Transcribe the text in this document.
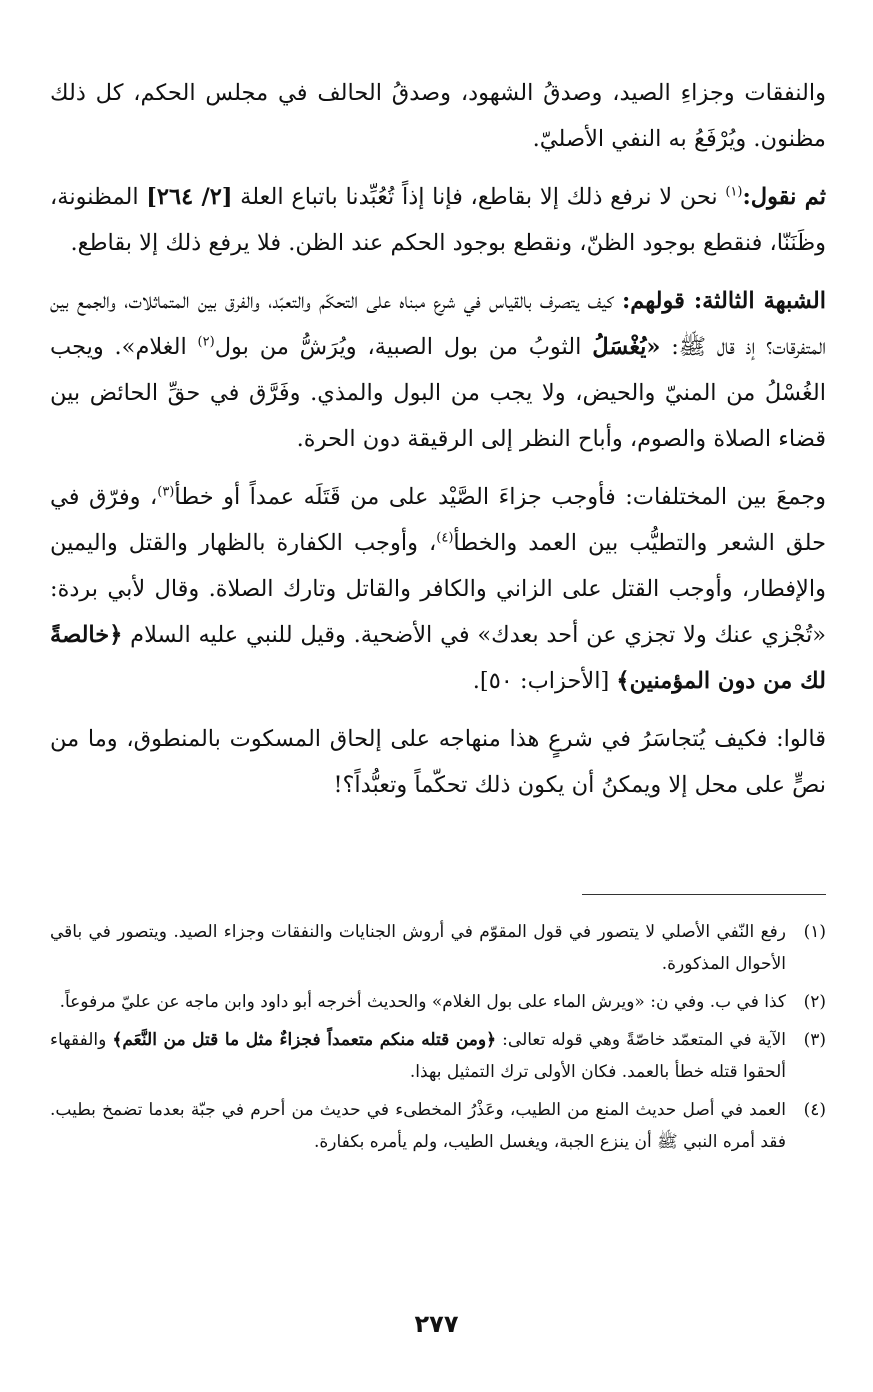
والنفقات وجزاءِ الصيد، وصدقُ الشهود، وصدقُ الحالف في مجلس الحكم، كل ذلك مظنون. ويُرْفَعُ به النفي الأصليّ.

ثم نقول:$^{(١)}$ نحن لا نرفع ذلك إلا بقاطع، فإنا إذاً تُعُبِّدنا باتباع العلة [٢/ ٢٦٤] المظنونة، وظَنَنّا، فنقطع بوجود الظنّ، ونقطع بوجود الحكم عند الظن. فلا يرفع ذلك إلا بقاطع.

الشبهة الثالثة: قولهم: كيف يتصرف بالقياس في شرع مبناه على التحكّم والتعبّد، والفرق بين المتماثلات، والجمع بين المتفرقات؟ إذ قال ﷺ: «يُغْسَلُ الثوبُ من بول الصبية، ويُرَشُّ من بول$^{(٢)}$ الغلام». ويجب الغُسْلُ من المنيّ والحيض، ولا يجب من البول والمذي. وفَرَّق في حقِّ الحائض بين قضاء الصلاة والصوم، وأباح النظر إلى الرقيقة دون الحرة.

وجمعَ بين المختلفات: فأوجب جزاءَ الصَّيْد على من قَتَلَه عمداً أو خطأ$^{(٣)}$، وفرّق في حلق الشعر والتطيُّب بين العمد والخطأ$^{(٤)}$، وأوجب الكفارة بالظهار والقتل واليمين والإفطار، وأوجب القتل على الزاني والكافر والقاتل وتارك الصلاة. وقال لأبي بردة: «تُجْزي عنك ولا تجزي عن أحد بعدك» في الأضحية. وقيل للنبي عليه السلام ﴿خالصةً لك من دون المؤمنين﴾ [الأحزاب: ٥٠].

قالوا: فكيف يُتجاسَرُ في شرعٍ هذا منهاجه على إلحاق المسكوت بالمنطوق، وما من نصٍّ على محل إلا ويمكنُ أن يكون ذلك تحكّماً وتعبُّداً؟!

(١)
رفع النّفي الأصلي لا يتصور في قول المقوّم في أروش الجنايات والنفقات وجزاء الصيد. ويتصور في باقي الأحوال المذكورة.
(٢)
كذا في ب. وفي ن: «ويرش الماء على بول الغلام» والحديث أخرجه أبو داود وابن ماجه عن عليّ مرفوعاً.
(٣)
الآية في المتعمّد خاصّةً وهي قوله تعالى: ﴿ومن قتله منكم متعمداً فجزاءٌ مثل ما قتل من النَّعَم﴾ والفقهاء ألحقوا قتله خطأ بالعمد. فكان الأولى ترك التمثيل بهذا.
(٤)
العمد في أصل حديث المنع من الطيب، وعَذْرُ المخطىء في حديث من أحرم في جبّة بعدما تضمخ بطيب. فقد أمره النبي ﷺ أن ينزع الجبة، ويغسل الطيب، ولم يأمره بكفارة.
٢٧٧
